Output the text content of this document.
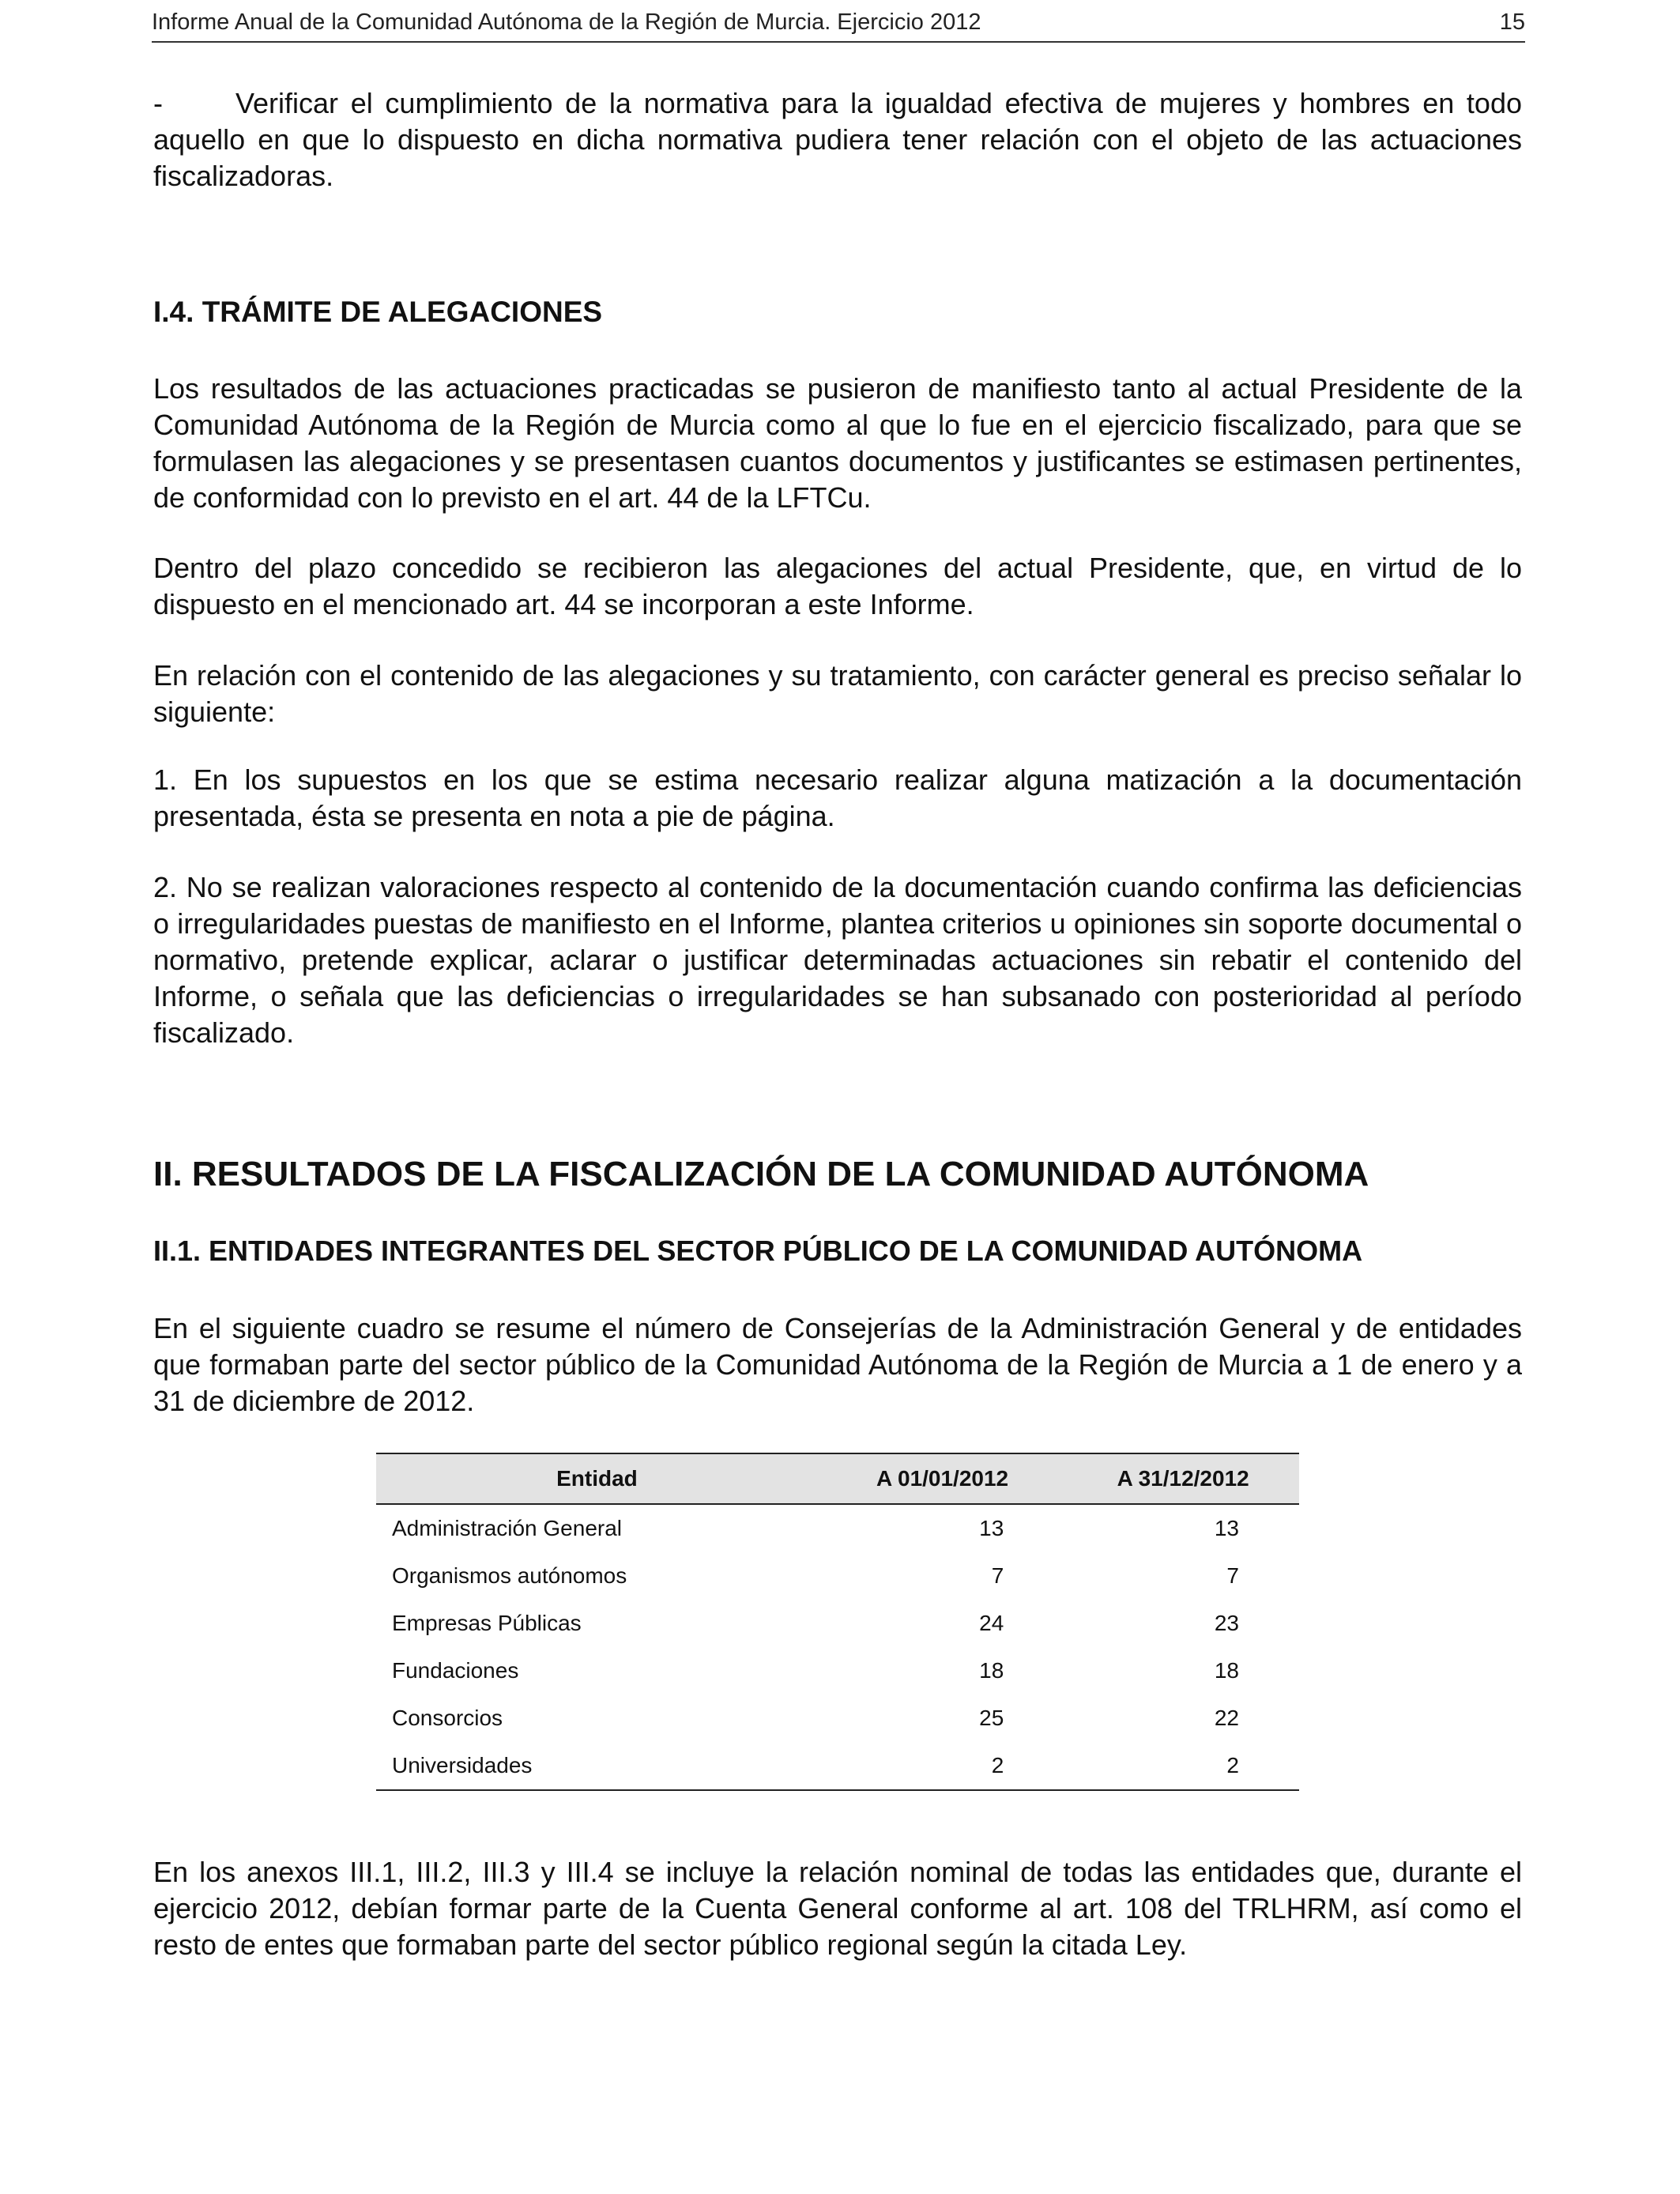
Informe Anual de la Comunidad Autónoma de la Región de Murcia. Ejercicio 2012	15

-	Verificar el cumplimiento de la normativa para la igualdad efectiva de mujeres y hombres en todo aquello en que lo dispuesto en dicha normativa pudiera tener relación con el objeto de las actuaciones fiscalizadoras.

I.4. TRÁMITE DE ALEGACIONES

Los resultados de las actuaciones practicadas se pusieron de manifiesto tanto al actual Presidente de la Comunidad Autónoma de la Región de Murcia como al que lo fue en el ejercicio fiscalizado, para que se formulasen las alegaciones y se presentasen cuantos documentos y justificantes se estimasen pertinentes, de conformidad con lo previsto en el art. 44 de la LFTCu.

Dentro del plazo concedido se recibieron las alegaciones del actual Presidente, que, en virtud de lo dispuesto en el mencionado art. 44 se incorporan a este Informe.

En relación con el contenido de las alegaciones y su tratamiento, con carácter general es preciso señalar lo siguiente:

1. En los supuestos en los que se estima necesario realizar alguna matización a la documentación presentada, ésta se presenta en nota a pie de página.

2. No se realizan valoraciones respecto al contenido de la documentación cuando confirma las deficiencias o irregularidades puestas de manifiesto en el Informe, plantea criterios u opiniones sin soporte documental o normativo, pretende explicar, aclarar o justificar determinadas actuaciones sin rebatir el contenido del Informe, o señala que las deficiencias o irregularidades se han subsanado con posterioridad al período fiscalizado.

II. RESULTADOS DE LA FISCALIZACIÓN DE LA COMUNIDAD AUTÓNOMA
II.1. ENTIDADES INTEGRANTES DEL SECTOR PÚBLICO DE LA COMUNIDAD AUTÓNOMA

En el siguiente cuadro se resume el número de Consejerías de la Administración General y de entidades que formaban parte del sector público de la Comunidad Autónoma de la Región de Murcia a 1 de enero y a 31 de diciembre de 2012.

Entidad	A 01/01/2012	A 31/12/2012
Administración General	13	13
Organismos autónomos	7	7
Empresas Públicas	24	23
Fundaciones	18	18
Consorcios	25	22
Universidades	2	2

En los anexos III.1, III.2, III.3 y III.4 se incluye la relación nominal de todas las entidades que, durante el ejercicio 2012, debían formar parte de la Cuenta General conforme al art. 108 del TRLHRM, así como el resto de entes que formaban parte del sector público regional según la citada Ley.
